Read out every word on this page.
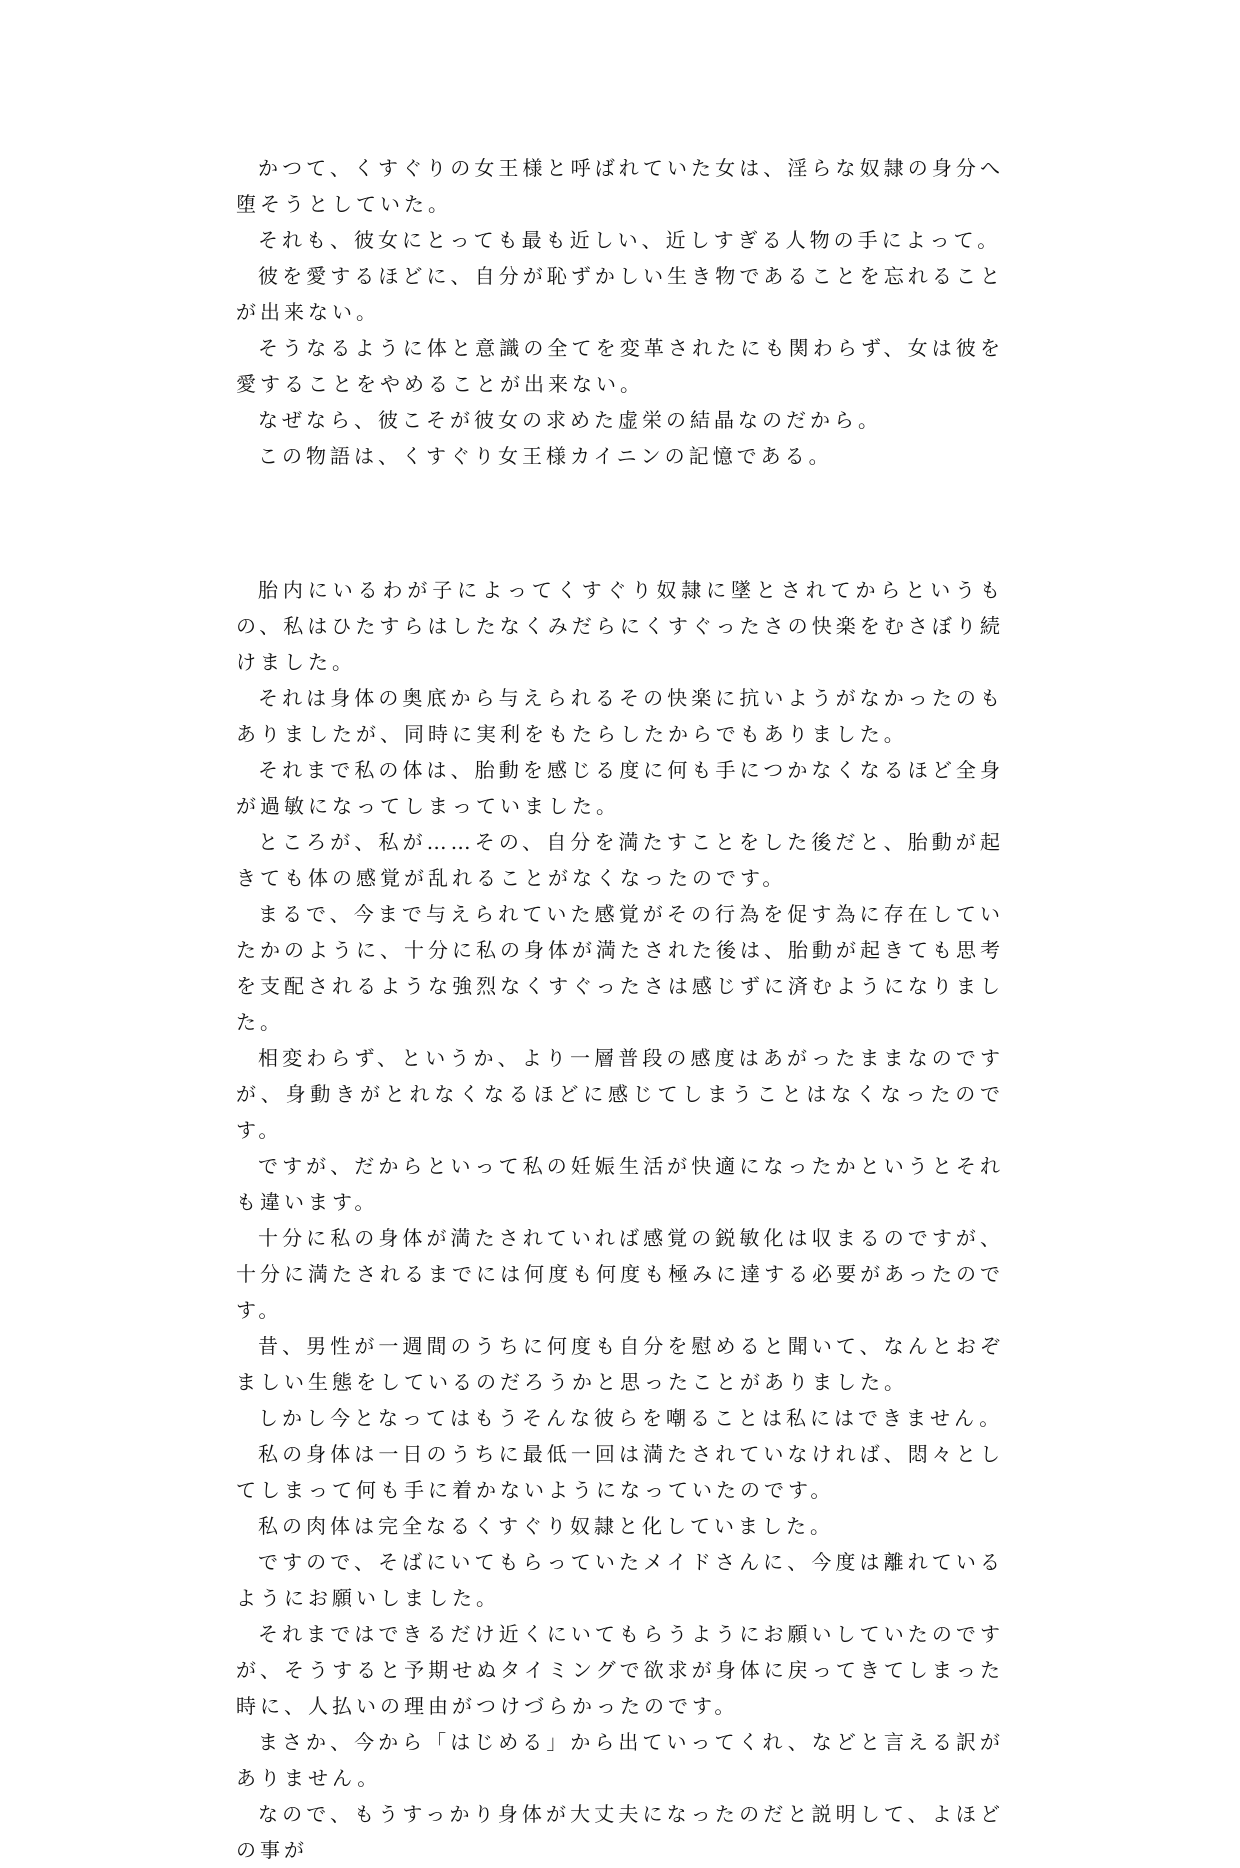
かつて、くすぐりの女王様と呼ばれていた女は、淫らな奴隷の身分へ堕そうとしていた。

それも、彼女にとっても最も近しい、近しすぎる人物の手によって。

彼を愛するほどに、自分が恥ずかしい生き物であることを忘れることが出来ない。

そうなるように体と意識の全てを変革されたにも関わらず、女は彼を愛することをやめることが出来ない。

なぜなら、彼こそが彼女の求めた虚栄の結晶なのだから。

この物語は、くすぐり女王様カイニンの記憶である。

胎内にいるわが子によってくすぐり奴隷に墜とされてからというもの、私はひたすらはしたなくみだらにくすぐったさの快楽をむさぼり続けました。

それは身体の奥底から与えられるその快楽に抗いようがなかったのもありましたが、同時に実利をもたらしたからでもありました。

それまで私の体は、胎動を感じる度に何も手につかなくなるほど全身が過敏になってしまっていました。

ところが、私が……その、自分を満たすことをした後だと、胎動が起きても体の感覚が乱れることがなくなったのです。

まるで、今まで与えられていた感覚がその行為を促す為に存在していたかのように、十分に私の身体が満たされた後は、胎動が起きても思考を支配されるような強烈なくすぐったさは感じずに済むようになりました。

相変わらず、というか、より一層普段の感度はあがったままなのですが、身動きがとれなくなるほどに感じてしまうことはなくなったのです。

ですが、だからといって私の妊娠生活が快適になったかというとそれも違います。

十分に私の身体が満たされていれば感覚の鋭敏化は収まるのですが、十分に満たされるまでには何度も何度も極みに達する必要があったのです。

昔、男性が一週間のうちに何度も自分を慰めると聞いて、なんとおぞましい生態をしているのだろうかと思ったことがありました。

しかし今となってはもうそんな彼らを嘲ることは私にはできません。

私の身体は一日のうちに最低一回は満たされていなければ、悶々としてしまって何も手に着かないようになっていたのです。

私の肉体は完全なるくすぐり奴隷と化していました。

ですので、そばにいてもらっていたメイドさんに、今度は離れているようにお願いしました。

それまではできるだけ近くにいてもらうようにお願いしていたのですが、そうすると予期せぬタイミングで欲求が身体に戻ってきてしまった時に、人払いの理由がつけづらかったのです。

まさか、今から「はじめる」から出ていってくれ、などと言える訳がありません。

なので、もうすっかり身体が大丈夫になったのだと説明して、よほどの事が
